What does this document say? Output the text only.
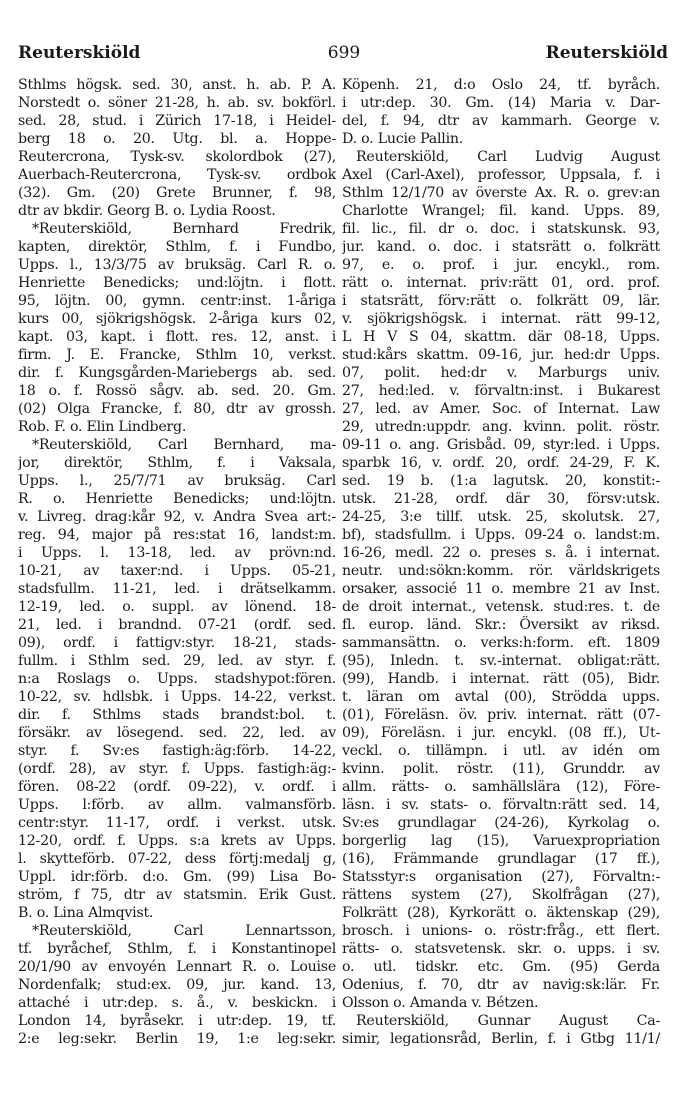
699
Reuterskiöld	Reuterskiöld
Sthlms högsk. sed. 30, anst. h. ab. P. A.
Norstedt o. söner 21-28, h. ab. sv. bokförl.
sed. 28, stud. i Zürich 17-18, i Heidel-
berg 18 o. 20. Utg. bl. a. Hoppe-
Reutercrona, Tysk-sv. skolordbok (27),
Auerbach-Reutercrona, Tysk-sv. ordbok
(32). Gm. (20) Grete Brunner, f. 98,
dtr av bkdir. Georg B. o. Lydia Roost.
*Reuterskiöld, Bernhard Fredrik,
kapten, direktör, Sthlm, f. i Fundbo,
Upps. l., 13/3/75 av bruksäg. Carl R. o.
Henriette Benedicks; und:löjtn. i flott.
95, löjtn. 00, gymn. centr:inst. 1-åriga
kurs 00, sjökrigshögsk. 2-åriga kurs 02,
kapt. 03, kapt. i flott. res. 12, anst. i
firm. J. E. Francke, Sthlm 10, verkst.
dir. f. Kungsgården-Mariebergs ab. sed.
18 o. f. Rossö sågv. ab. sed. 20. Gm.
(02) Olga Francke, f. 80, dtr av grossh.
Rob. F. o. Elin Lindberg.
*Reuterskiöld, Carl Bernhard, ma-
jor, direktör, Sthlm, f. i Vaksala,
Upps. l., 25/7/71 av bruksäg. Carl
R. o. Henriette Benedicks; und:löjtn.
v. Livreg. drag:kår 92, v. Andra Svea art:-
reg. 94, major på res:stat 16, landst:m.
i Upps. l. 13-18, led. av prövn:nd.
10-21, av taxer:nd. i Upps. 05-21,
stadsfullm. 11-21, led. i drätselkamm.
12-19, led. o. suppl. av lönend. 18-
21, led. i brandnd. 07-21 (ordf. sed.
09), ordf. i fattigv:styr. 18-21, stads-
fullm. i Sthlm sed. 29, led. av styr. f.
n:a Roslags o. Upps. stadshypot:fören.
10-22, sv. hdlsbk. i Upps. 14-22, verkst.
dir. f. Sthlms stads brandst:bol. t.
försäkr. av lösegend. sed. 22, led. av
styr. f. Sv:es fastigh:äg:förb. 14-22,
(ordf. 28), av styr. f. Upps. fastigh:äg:-
fören. 08-22 (ordf. 09-22), v. ordf. i
Upps. l:förb. av allm. valmansförb.
centr:styr. 11-17, ordf. i verkst. utsk.
12-20, ordf. f. Upps. s:a krets av Upps.
l. skytteförb. 07-22, dess förtj:medalj g,
Uppl. idr:förb. d:o. Gm. (99) Lisa Bo-
ström, f 75, dtr av statsmin. Erik Gust.
B. o. Lina Almqvist.
*Reuterskiöld, Carl Lennartsson,
tf. byråchef, Sthlm, f. i Konstantinopel
20/1/90 av envoyén Lennart R. o. Louise
Nordenfalk; stud:ex. 09, jur. kand. 13,
attaché i utr:dep. s. å., v. beskickn. i
London 14, byråsekr. i utr:dep. 19, tf.
2:e leg:sekr. Berlin 19, 1:e leg:sekr.
Köpenh. 21, d:o Oslo 24, tf. byråch.
i utr:dep. 30. Gm. (14) Maria v. Dar-
del, f. 94, dtr av kammarh. George v.
D. o. Lucie Pallin.
Reuterskiöld, Carl Ludvig August
Axel (Carl-Axel), professor, Uppsala, f. i
Sthlm 12/1/70 av överste Ax. R. o. grev:an
Charlotte Wrangel; fil. kand. Upps. 89,
fil. lic., fil. dr o. doc. i statskunsk. 93,
jur. kand. o. doc. i statsrätt o. folkrätt
97, e. o. prof. i jur. encykl., rom.
rätt o. internat. priv:rätt 01, ord. prof.
i statsrätt, förv:rätt o. folkrätt 09, lär.
v. sjökrigshögsk. i internat. rätt 99-12,
L H V S 04, skattm. där 08-18, Upps.
stud:kårs skattm. 09-16, jur. hed:dr Upps.
07, polit. hed:dr v. Marburgs univ.
27, hed:led. v. förvaltn:inst. i Bukarest
27, led. av Amer. Soc. of Internat. Law
29, utredn:uppdr. ang. kvinn. polit. röstr.
09-11 o. ang. Grisbåd. 09, styr:led. i Upps.
sparbk 16, v. ordf. 20, ordf. 24-29, F. K.
sed. 19 b. (1:a lagutsk. 20, konstit:-
utsk. 21-28, ordf. där 30, försv:utsk.
24-25, 3:e tillf. utsk. 25, skolutsk. 27,
bf), stadsfullm. i Upps. 09-24 o. landst:m.
16-26, medl. 22 o. preses s. å. i internat.
neutr. und:sökn:komm. rör. världskrigets
orsaker, associé 11 o. membre 21 av Inst.
de droit internat., vetensk. stud:res. t. de
fl. europ. länd. Skr.: Översikt av riksd.
sammansättn. o. verks:h:form. eft. 1809
(95), Inledn. t. sv.-internat. obligat:rätt.
(99), Handb. i internat. rätt (05), Bidr.
t. läran om avtal (00), Strödda upps.
(01), Föreläsn. öv. priv. internat. rätt (07-
09), Föreläsn. i jur. encykl. (08 ff.), Ut-
veckl. o. tillämpn. i utl. av idén om
kvinn. polit. röstr. (11), Grunddr. av
allm. rätts- o. samhällslära (12), Före-
läsn. i sv. stats- o. förvaltn:rätt sed. 14,
Sv:es grundlagar (24-26), Kyrkolag o.
borgerlig lag (15), Varuexpropriation
(16), Främmande grundlagar (17 ff.),
Statsstyr:s organisation (27), Förvaltn:-
rättens system (27), Skolfrågan (27),
Folkrätt (28), Kyrkorätt o. äktenskap (29),
brosch. i unions- o. röstr:fråg., ett flert.
rätts- o. statsvetensk. skr. o. upps. i sv.
o. utl. tidskr. etc. Gm. (95) Gerda
Odenius, f. 70, dtr av navig:sk:lär. Fr.
Olsson o. Amanda v. Bétzen.
Reuterskiöld, Gunnar August Ca-
simir, legationsråd, Berlin, f. i Gtbg 11/1/
